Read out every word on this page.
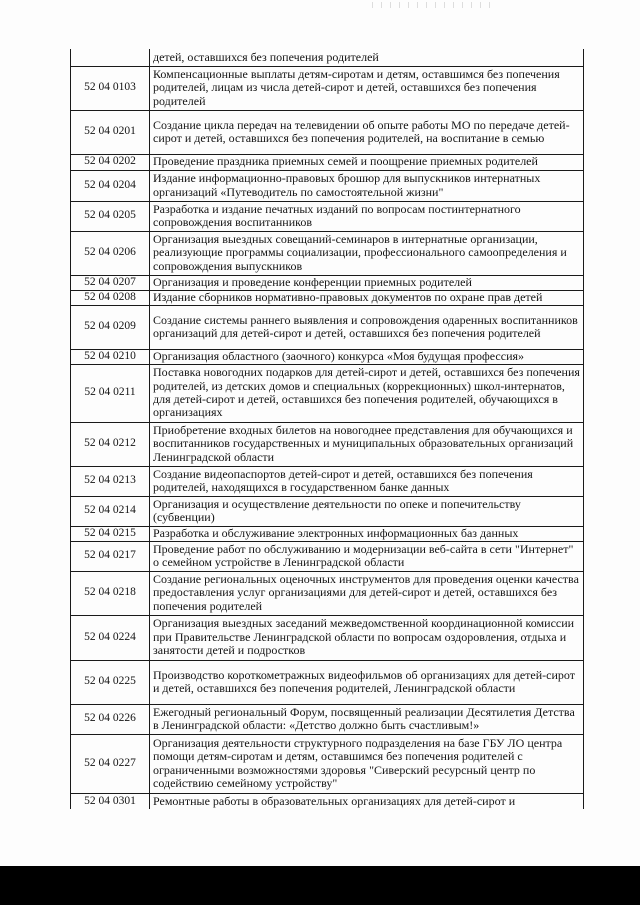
	детей, оставшихся без попечения родителей
52 04 0103	Компенсационные выплаты детям-сиротам и детям, оставшимся без попечения родителей, лицам из числа детей-сирот и детей, оставшихся без попечения родителей
52 04 0201	Создание цикла передач на телевидении об опыте работы МО по передаче детей-сирот и детей, оставшихся без попечения родителей, на воспитание в семью
52 04 0202	Проведение праздника приемных семей и поощрение приемных родителей
52 04 0204	Издание информационно-правовых брошюр для выпускников интернатных организаций «Путеводитель по самостоятельной жизни"
52 04 0205	Разработка и издание печатных изданий по вопросам постинтернатного сопровождения воспитанников
52 04 0206	Организация выездных совещаний-семинаров в интернатные организации, реализующие программы социализации, профессионального самоопределения и сопровождения выпускников
52 04 0207	Организация и проведение конференции приемных родителей
52 04 0208	Издание сборников нормативно-правовых документов по охране прав детей
52 04 0209	Создание системы раннего выявления и сопровождения одаренных воспитанников организаций для детей-сирот и детей, оставшихся без попечения родителей
52 04 0210	Организация областного (заочного) конкурса «Моя будущая профессия»
52 04 0211	Поставка новогодних подарков для детей-сирот и детей, оставшихся без попечения родителей, из детских домов и специальных (коррекционных) школ-интернатов, для детей-сирот и детей, оставшихся без попечения родителей, обучающихся в организациях
52 04 0212	Приобретение входных билетов на новогоднее представления для обучающихся и воспитанников государственных и муниципальных образовательных организаций Ленинградской области
52 04 0213	Создание видеопаспортов детей-сирот и детей, оставшихся без попечения родителей, находящихся в государственном банке данных
52 04 0214	Организация и осуществление деятельности по опеке и попечительству (субвенции)
52 04 0215	Разработка и обслуживание электронных информационных баз данных
52 04 0217	Проведение работ по обслуживанию и модернизации веб-сайта в сети "Интернет" о семейном устройстве в Ленинградской области
52 04 0218	Создание региональных оценочных инструментов для проведения оценки качества предоставления услуг организациями для детей-сирот и детей, оставшихся без попечения родителей
52 04 0224	Организация выездных заседаний межведомственной координационной комиссии при Правительстве Ленинградской области по вопросам оздоровления, отдыха и занятости детей и подростков
52 04 0225	Производство короткометражных видеофильмов об организациях для детей-сирот и детей, оставшихся без попечения родителей, Ленинградской области
52 04 0226	Ежегодный региональный Форум, посвященный реализации Десятилетия Детства в Ленинградской области: «Детство должно быть счастливым!»
52 04 0227	Организация деятельности структурного подразделения на базе ГБУ ЛО центра помощи детям-сиротам и детям, оставшимся без попечения родителей с ограниченными возможностями здоровья "Сиверский ресурсный центр по содействию семейному устройству"
52 04 0301	Ремонтные работы в образовательных организациях для детей-сирот и
